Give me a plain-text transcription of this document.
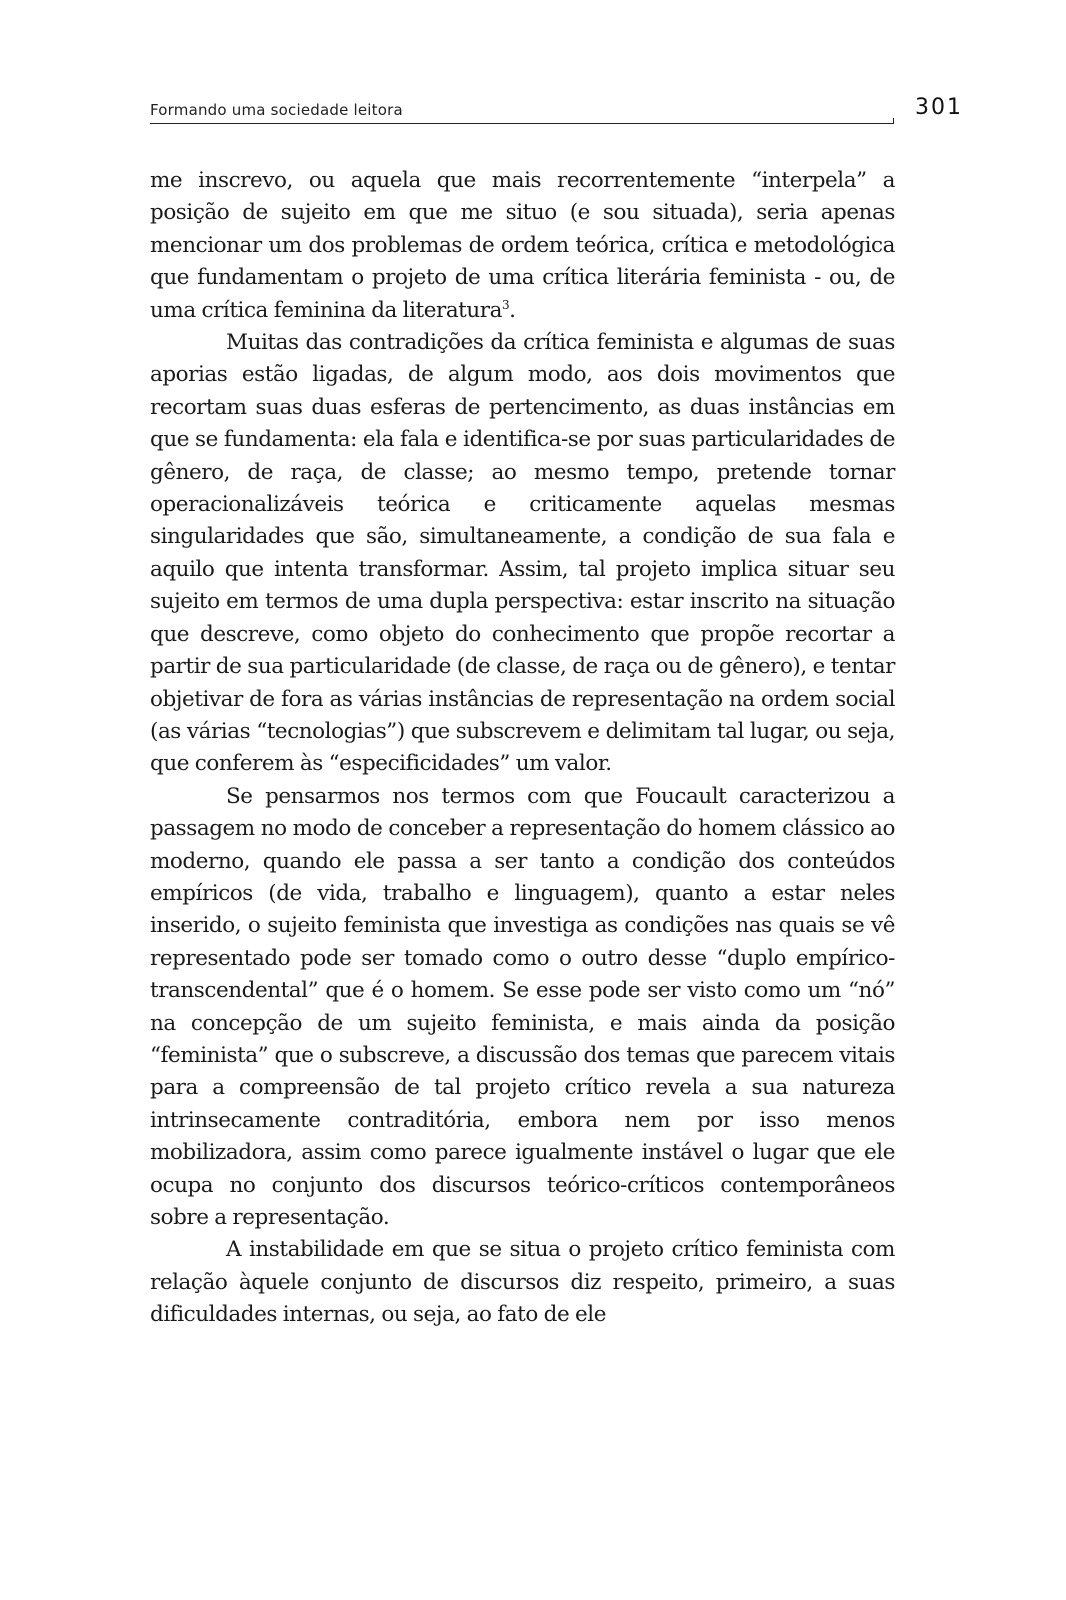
Formando uma sociedade leitora	301

me inscrevo, ou aquela que mais recorrentemente “interpela” a posição de sujeito em que me situo (e sou situada), seria apenas mencionar um dos problemas de ordem teórica, crítica e metodológica que fundamentam o projeto de uma crítica literária feminista - ou, de uma crítica feminina da literatura$^3$.

Muitas das contradições da crítica feminista e algumas de suas aporias estão ligadas, de algum modo, aos dois movimentos que recortam suas duas esferas de pertencimento, as duas instâncias em que se fundamenta: ela fala e identifica-se por suas particularidades de gênero, de raça, de classe; ao mesmo tempo, pretende tornar operacionalizáveis teórica e criticamente aquelas mesmas singularidades que são, simultaneamente, a condição de sua fala e aquilo que intenta transformar. Assim, tal projeto implica situar seu sujeito em termos de uma dupla perspectiva: estar inscrito na situação que descreve, como objeto do conhecimento que propõe recortar a partir de sua particularidade (de classe, de raça ou de gênero), e tentar objetivar de fora as várias instâncias de representação na ordem social (as várias “tecnologias”) que subscrevem e delimitam tal lugar, ou seja, que conferem às “especificidades” um valor.

Se pensarmos nos termos com que Foucault caracterizou a passagem no modo de conceber a representação do homem clássico ao moderno, quando ele passa a ser tanto a condição dos conteúdos empíricos (de vida, trabalho e linguagem), quanto a estar neles inserido, o sujeito feminista que investiga as condições nas quais se vê representado pode ser tomado como o outro desse “duplo empírico-transcendental” que é o homem. Se esse pode ser visto como um “nó” na concepção de um sujeito feminista, e mais ainda da posição “feminista” que o subscreve, a discussão dos temas que parecem vitais para a compreensão de tal projeto crítico revela a sua natureza intrinsecamente contraditória, embora nem por isso menos mobilizadora, assim como parece igualmente instável o lugar que ele ocupa no conjunto dos discursos teórico-críticos contemporâneos sobre a representação.

A instabilidade em que se situa o projeto crítico feminista com relação àquele conjunto de discursos diz respeito, primeiro, a suas dificuldades internas, ou seja, ao fato de ele
